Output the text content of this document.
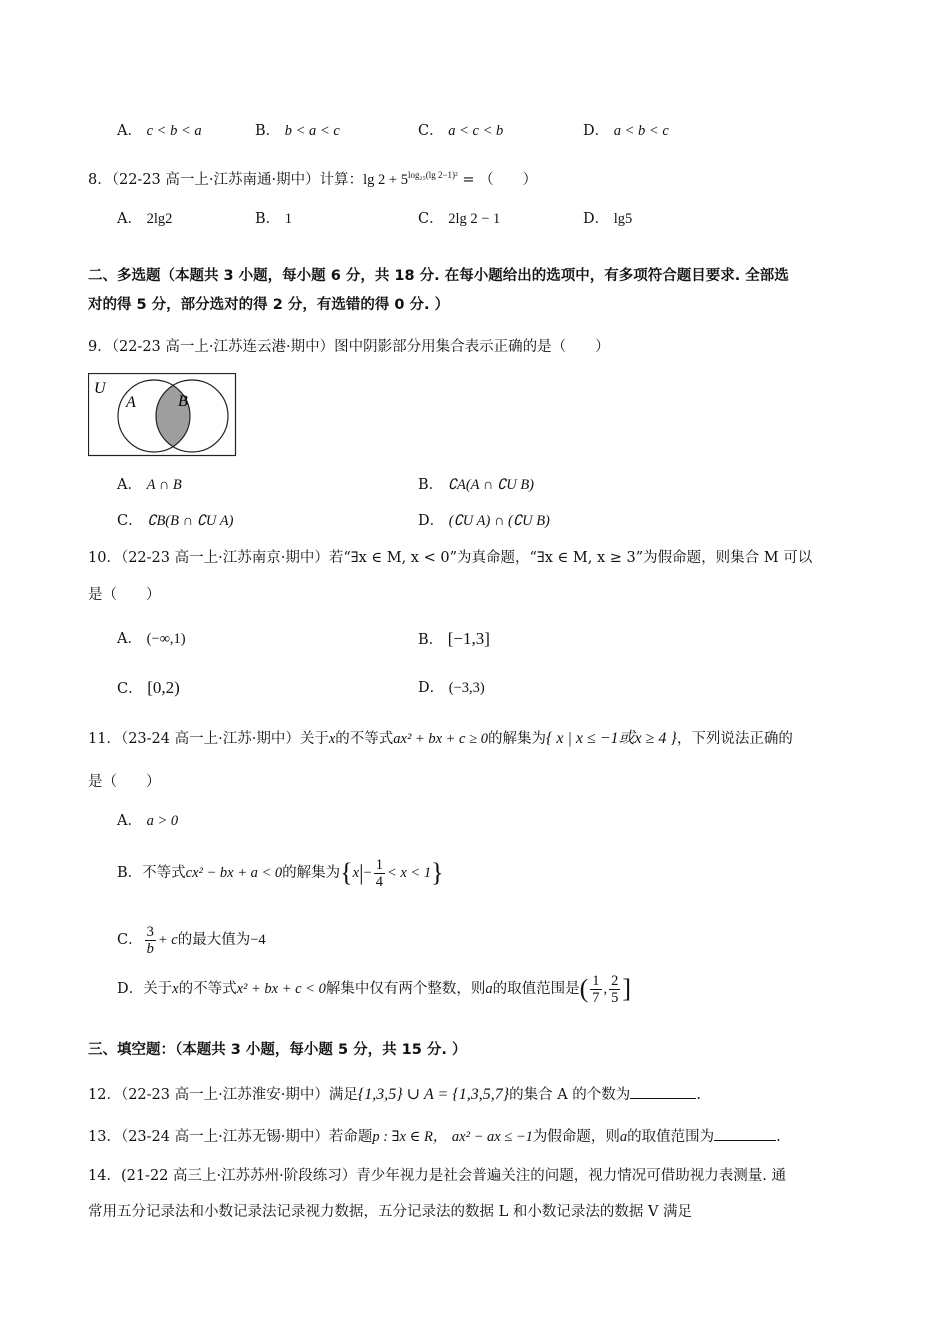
A． c < b < a	B． b < a < c	C． a < c < b	D． a < b < c
8．（22-23 高一上·江苏南通·期中）计算：$\lg 2 + 5^{log_{25}(lg 2-1)^2}$ = （　　）
A． 2lg2	B． 1	C． 2lg 2 − 1	D． lg5
二、多选题（本题共 3 小题，每小题 6 分，共 18 分. 在每小题给出的选项中，有多项符合题目要求. 全部选
对的得 5 分，部分选对的得 2 分，有选错的得 0 分. ）
9．（22-23 高一上·江苏连云港·期中）图中阴影部分用集合表示正确的是（　　）
U
A	B
A． A ∩ B	B． ∁A(A ∩ ∁U B)
C． ∁B(B ∩ ∁U A)	D． (∁U A) ∩ (∁U B)
10．（22-23 高一上·江苏南京·期中）若“∃x ∈ M, x < 0”为真命题，“∃x ∈ M, x ≥ 3”为假命题，则集合 M 可以
是（　　）
A． (−∞,1)	B． [−1,3]
C． [0,2)	D． (−3,3)
11．（23-24 高一上·江苏·期中）关于x的不等式ax² + bx + c ≥ 0的解集为{ x | x ≤ −1或x ≥ 4 }，下列说法正确的
是（　　）
A． a > 0
B．不等式cx² − bx + a < 0的解集为$\{x|- \frac{1}{4} < x < 1\}$
C． $\frac{3}{b} + c$的最大值为−4
D．关于x的不等式x² + bx + c < 0解集中仅有两个整数，则a的取值范围是( $\frac{1}{7}$ , $\frac{2}{5}$ ]
三、填空题：（本题共 3 小题，每小题 5 分，共 15 分. ）
12．（22-23 高一上·江苏淮安·期中）满足{1,3,5} ∪ A = {1,3,5,7}的集合 A 的个数为	.
13．（23-24 高一上·江苏无锡·期中）若命题p : ∃x ∈ R， ax² − ax ≤ −1为假命题，则a的取值范围为	.
14．(21-22 高三上·江苏苏州·阶段练习）青少年视力是社会普遍关注的问题，视力情况可借助视力表测量. 通
常用五分记录法和小数记录法记录视力数据，五分记录法的数据 L 和小数记录法的数据 V 满足
